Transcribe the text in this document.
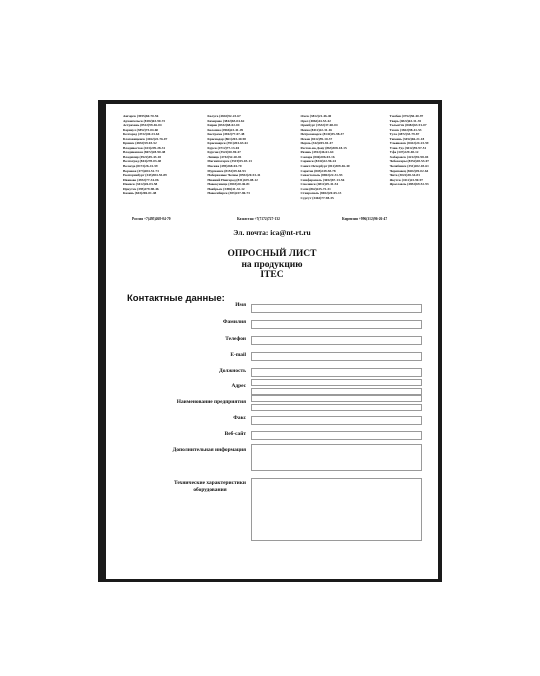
Ангарск (3955)60-70-56
Архангельск (8182)63-90-72
Астрахань (8512)99-46-04
Барнаул (3852)73-04-60
Белгород (4722)40-23-64
Благовещенск (4162)22-76-07
Брянск (4832)59-03-52
Владивосток (423)249-28-31
Владикавказ (8672)28-90-48
Владимир (4922)49-43-18
Волгоград (844)278-03-48
Вологда (8172)26-41-59
Воронеж (473)204-51-73
Екатеринбург (343)384-55-89
Иваново (4932)77-34-06
Ижевск (3412)26-03-58
Иркутск (395)279-98-46
Казань (843)206-01-48
Калуга (4842)92-23-67
Кемерово (3842)65-04-62
Киров (8332)68-02-04
Коломна (4966)23-41-49
Кострома (4942)77-07-48
Краснодар (861)203-40-90
Красноярск (391)204-63-61
Курск (4712)77-13-04
Курган (3522)50-90-47
Липецк (4742)52-20-81
Магнитогорск (3519)55-03-13
Москва (495)268-04-70
Мурманск (8152)59-64-93
Набережные Челны (8552)20-53-41
Нижний Новгород (831)429-08-12
Новокузнецк (3843)20-46-81
Ноябрьск (3496)41-32-12
Новосибирск (383)227-86-73
Омск (3812)21-46-40
Орел (4862)44-53-42
Оренбург (3532)37-68-04
Пенза (8412)22-31-16
Петрозаводск (8142)55-98-37
Псков (8112)59-10-37
Пермь (342)205-81-47
Ростов-на-Дону (863)308-18-15
Рязань (4912)46-61-64
Самара (846)206-03-16
Саранск (8342)22-96-24
Санкт-Петербург (812)309-46-40
Саратов (845)249-38-78
Севастополь (8692)22-31-93
Симферополь (3652)67-13-56
Смоленск (4812)29-41-54
Сочи (862)225-72-31
Ставрополь (8652)20-65-13
Сургут (3462)77-98-35
Тамбов (4752)50-40-97
Тверь (4822)63-31-35
Тольятти (8482)63-91-07
Томск (3822)98-41-53
Тула (4872)33-79-87
Тюмень (3452)66-21-18
Ульяновск (8422)24-23-59
Улан-Удэ (3012)59-97-51
Уфа (347)229-48-12
Хабаровск (4212)92-98-04
Чебоксары (8352)28-53-07
Челябинск (351)202-03-61
Череповец (8202)49-02-64
Чита (3022)38-34-83
Якутск (4112)23-90-97
Ярославль (4852)69-52-93
Россия +7(495)268-04-70	Казахстан +7(7172)727-132	Киргизия +996(312)96-26-47
Эл. почта: ica@nt-rt.ru
ОПРОСНЫЙ ЛИСТ
на продукцию
ITEC
Контактные данные:
Имя
Фамилия
Телефон
E-mail
Должность
Адрес
Наименование предприятия
Факс
Веб-сайт
Дополнительная информация
Технические характеристики
оборудования
